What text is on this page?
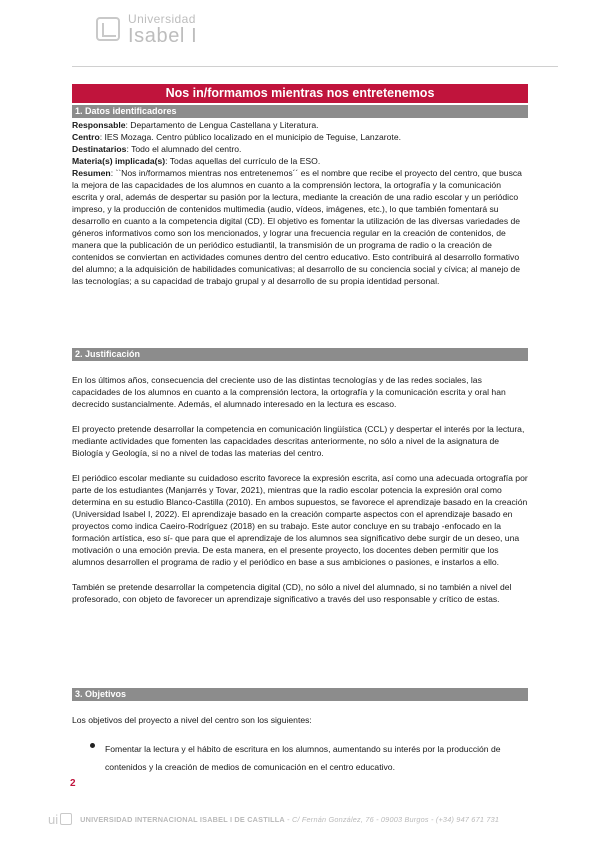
Universidad
Isabel I
Nos in/formamos mientras nos entretenemos
1. Datos identificadores

Responsable: Departamento de Lengua Castellana y Literatura.

Centro: IES Mozaga. Centro público localizado en el municipio de Teguise, Lanzarote.

Destinatarios: Todo el alumnado del centro.

Materia(s) implicada(s): Todas aquellas del currículo de la ESO.

Resumen: ``Nos in/formamos mientras nos entretenemos´´ es el nombre que recibe el proyecto del centro, que busca la mejora de las capacidades de los alumnos en cuanto a la comprensión lectora, la ortografía y la comunicación escrita y oral, además de despertar su pasión por la lectura, mediante la creación de una radio escolar y un periódico impreso, y la producción de contenidos multimedia (audio, vídeos, imágenes, etc.), lo que también fomentará su desarrollo en cuanto a la competencia digital (CD). El objetivo es fomentar la utilización de las diversas variedades de géneros informativos como son los mencionados, y lograr una frecuencia regular en la creación de contenidos, de manera que la publicación de un periódico estudiantil, la transmisión de un programa de radio o la creación de contenidos se conviertan en actividades comunes dentro del centro educativo. Esto contribuirá al desarrollo formativo del alumno; a la adquisición de habilidades comunicativas; al desarrollo de su conciencia social y cívica; al manejo de las tecnologías; a su capacidad de trabajo grupal y al desarrollo de su propia identidad personal.

2. Justificación

En los últimos años, consecuencia del creciente uso de las distintas tecnologías y de las redes sociales, las capacidades de los alumnos en cuanto a la comprensión lectora, la ortografía y la comunicación escrita y oral han decrecido sustancialmente. Además, el alumnado interesado en la lectura es escaso.

El proyecto pretende desarrollar la competencia en comunicación lingüística (CCL) y despertar el interés por la lectura, mediante actividades que fomenten las capacidades descritas anteriormente, no sólo a nivel de la asignatura de Biología y Geología, si no a nivel de todas las materias del centro.

El periódico escolar mediante su cuidadoso escrito favorece la expresión escrita, así como una adecuada ortografía por parte de los estudiantes (Manjarrés y Tovar, 2021), mientras que la radio escolar potencia la expresión oral como determina en su estudio Blanco-Castilla (2010). En ambos supuestos, se favorece el aprendizaje basado en la creación (Universidad Isabel I, 2022). El aprendizaje basado en la creación comparte aspectos con el aprendizaje basado en proyectos como indica Caeiro-Rodríguez (2018) en su trabajo. Este autor concluye en su trabajo -enfocado en la formación artística, eso sí- que para que el aprendizaje de los alumnos sea significativo debe surgir de un deseo, una motivación o una emoción previa. De esta manera, en el presente proyecto, los docentes deben permitir que los alumnos desarrollen el programa de radio y el periódico en base a sus ambiciones o pasiones, e instarlos a ello.

También se pretende desarrollar la competencia digital (CD), no sólo a nivel del alumnado, si no también a nivel del profesorado, con objeto de favorecer un aprendizaje significativo a través del uso responsable y crítico de estas.

3. Objetivos

Los objetivos del proyecto a nivel del centro son los siguientes:

Fomentar la lectura y el hábito de escritura en los alumnos, aumentando su interés por la producción de contenidos y la creación de medios de comunicación en el centro educativo.
2
ui	UNIVERSIDAD INTERNACIONAL ISABEL I DE CASTILLA - C/ Fernán González, 76 - 09003 Burgos - (+34) 947 671 731
